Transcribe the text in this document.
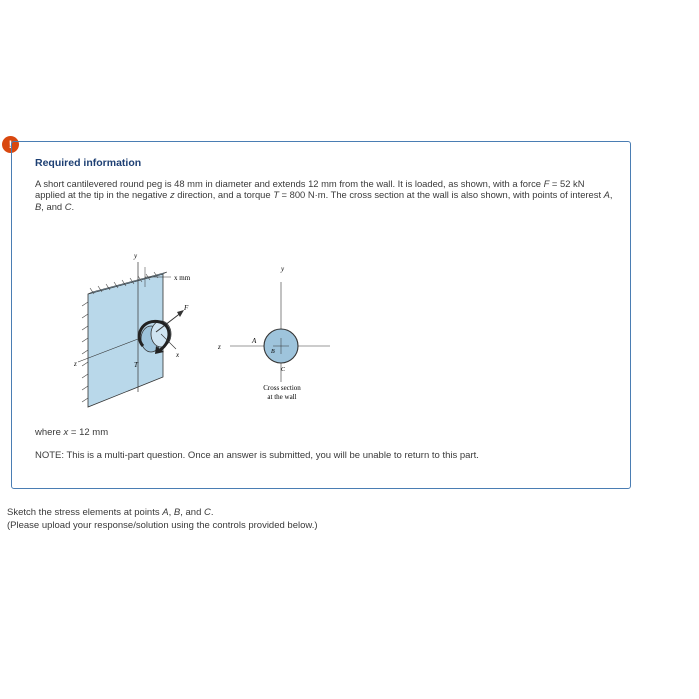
!
Required information
A short cantilevered round peg is 48 mm in diameter and extends 12 mm from the wall. It is loaded, as shown, with a force F = 52 kN applied at the tip in the negative z direction, and a torque T = 800 N·m. The cross section at the wall is also shown, with points of interest A, B, and C.
y
x mm
F
T
x
z
y
z
A
B
C
Cross section
at the wall
where x = 12 mm
NOTE: This is a multi-part question. Once an answer is submitted, you will be unable to return to this part.
Sketch the stress elements at points A, B, and C.
(Please upload your response/solution using the controls provided below.)
